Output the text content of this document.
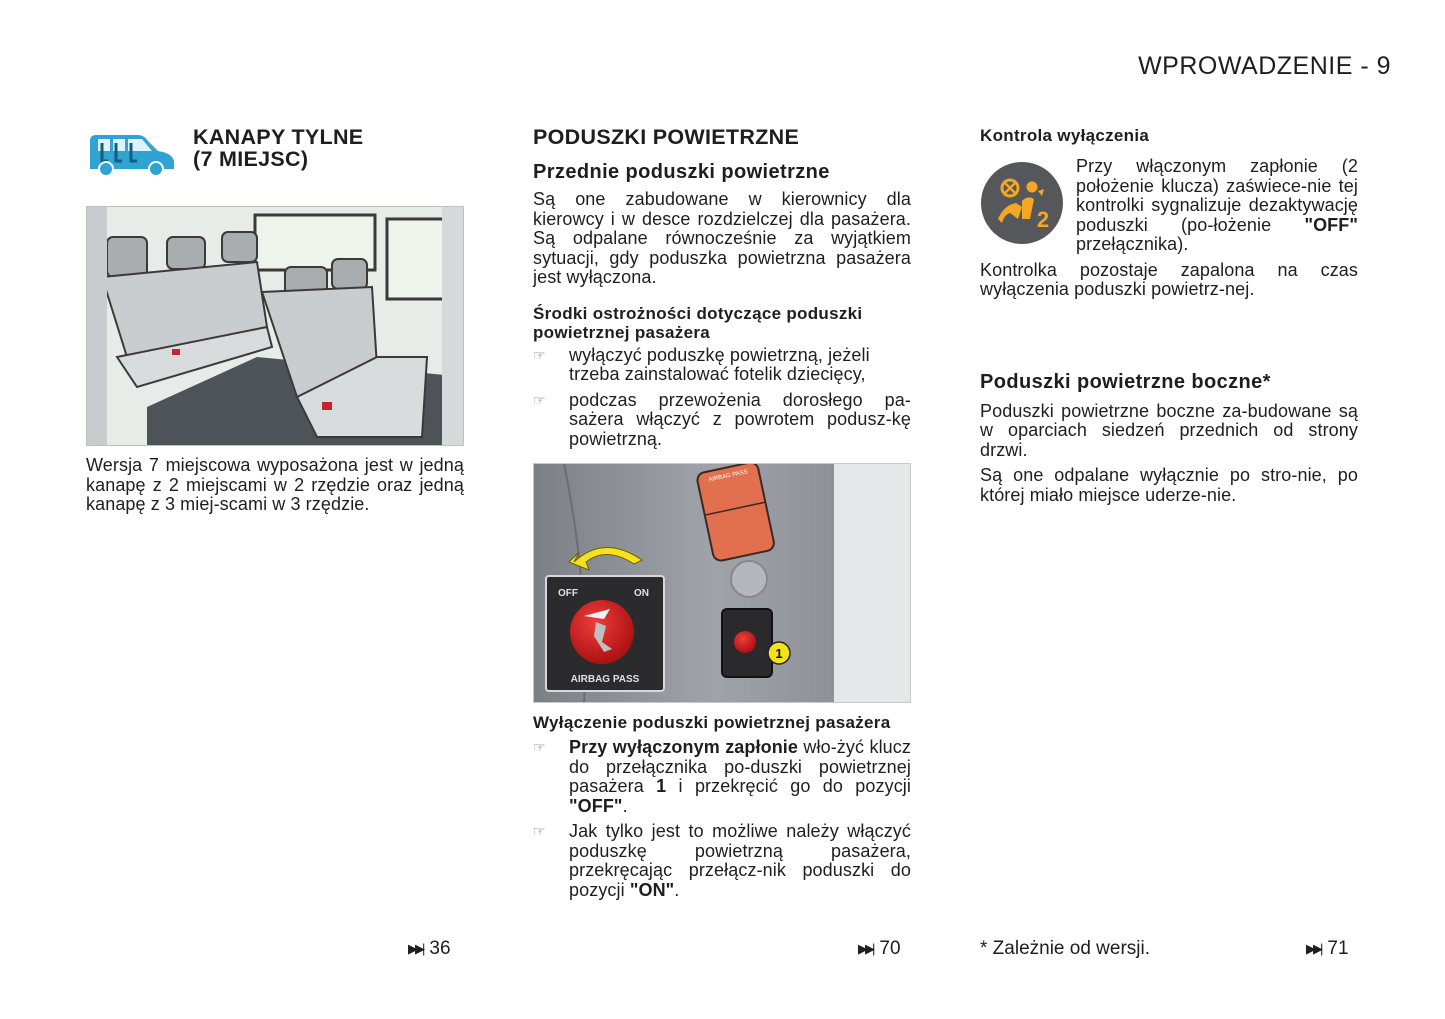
WPROWADZENIE - 9
KANAPY TYLNE
(7 MIEJSC)
Wersja 7 miejscowa wyposażona jest w jedną kanapę z 2 miejscami w 2 rzędzie oraz jedną kanapę z 3 miej-scami w 3 rzędzie.
▶▶| 36
PODUSZKI POWIETRZNE
Przednie poduszki powietrzne
Są one zabudowane w kierownicy dla kierowcy i w desce rozdzielczej dla pasażera. Są odpalane równocześnie za wyjątkiem sytuacji, gdy poduszka powietrzna pasażera jest wyłączona.
Środki ostrożności dotyczące poduszki powietrznej pasażera
☞	wyłączyć poduszkę powietrzną, jeżeli trzeba zainstalować fotelik dziecięcy,
☞	podczas przewożenia dorosłego pa-sażera włączyć z powrotem podusz-kę powietrzną.
AIRBAG PASS
1
OFF	ON
AIRBAG PASS
Wyłączenie poduszki powietrznej pasażera
☞	Przy wyłączonym zapłonie wło-żyć klucz do przełącznika po-duszki powietrznej pasażera 1 i przekręcić go do pozycji "OFF".
☞	Jak tylko jest to możliwe należy włączyć poduszkę powietrzną pasażera, przekręcając przełącz-nik poduszki do pozycji "ON".
▶▶| 70
Kontrola wyłączenia
2
Przy włączonym zapłonie (2 położenie klucza) zaświece-nie tej kontrolki sygnalizuje dezaktywację poduszki (po-łożenie "OFF" przełącznika).
Kontrolka pozostaje zapalona na czas wyłączenia poduszki powietrz-nej.
Poduszki powietrzne boczne*
Poduszki powietrzne boczne za-budowane są w oparciach siedzeń przednich od strony drzwi.
Są one odpalane wyłącznie po stro-nie, po której miało miejsce uderze-nie.
* Zależnie od wersji.	▶▶| 71
